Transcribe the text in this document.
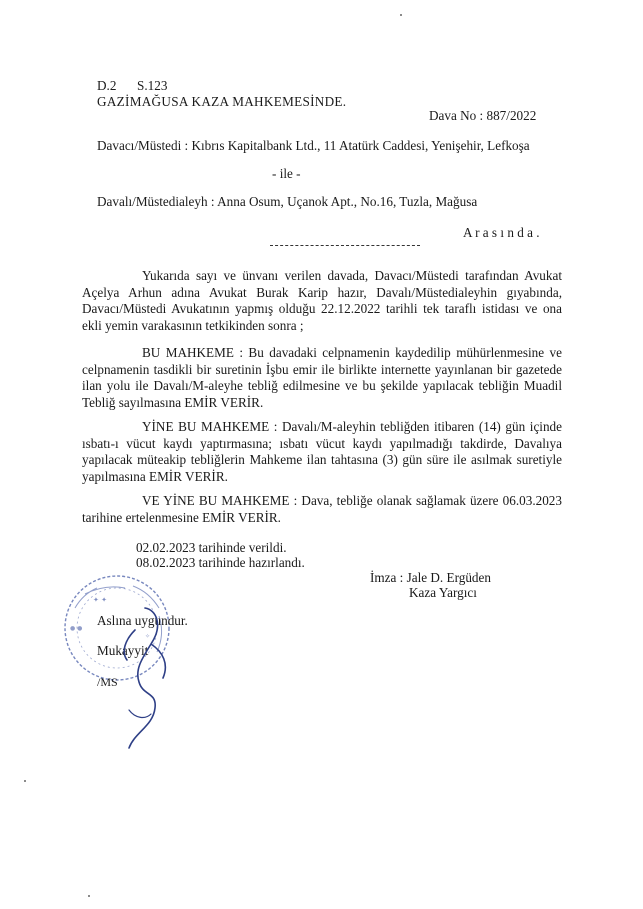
D.2 S.123
GAZİMAĞUSA KAZA MAHKEMESİNDE.
Dava No : 887/2022
Davacı/Müstedi : Kıbrıs Kapitalbank Ltd., 11 Atatürk Caddesi, Yenişehir, Lefkoşa
- ile -
Davalı/Müstedialeyh : Anna Osum, Uçanok Apt., No.16, Tuzla, Mağusa
A r a s ı n d a .
Yukarıda sayı ve ünvanı verilen davada, Davacı/Müstedi tarafından Avukat
Açelya Arhun adına Avukat Burak Karip hazır, Davalı/Müstedialeyhin gıyabında,
Davacı/Müstedi Avukatının yapmış olduğu 22.12.2022 tarihli tek taraflı istidası ve ona
ekli yemin varakasının tetkikinden sonra ;
BU MAHKEME : Bu davadaki celpnamenin kaydedilip mühürlenmesine ve
celpnamenin tasdikli bir suretinin İşbu emir ile birlikte internette yayınlanan bir gazetede
ilan yolu ile Davalı/M-aleyhe tebliğ edilmesine ve bu şekilde yapılacak tebliğin Muadil
Tebliğ sayılmasına EMİR VERİR.
YİNE BU MAHKEME : Davalı/M-aleyhin tebliğden itibaren (14) gün içinde
ısbatı-ı vücut kaydı yaptırmasına; ısbatı vücut kaydı yapılmadığı takdirde, Davalıya
yapılacak müteakip tebliğlerin Mahkeme ilan tahtasına (3) gün süre ile asılmak suretiyle
yapılmasına EMİR VERİR.
VE YİNE BU MAHKEME : Dava, tebliğe olanak sağlamak üzere 06.03.2023
tarihine ertelenmesine EMİR VERİR.
02.02.2023 tarihinde verildi.
08.02.2023 tarihinde hazırlandı.
İmza : Jale D. Ergüden
Kaza Yargıcı
✦ ✦
● ●
✧
Aslına uygundur.
Mukayyit
/MS
